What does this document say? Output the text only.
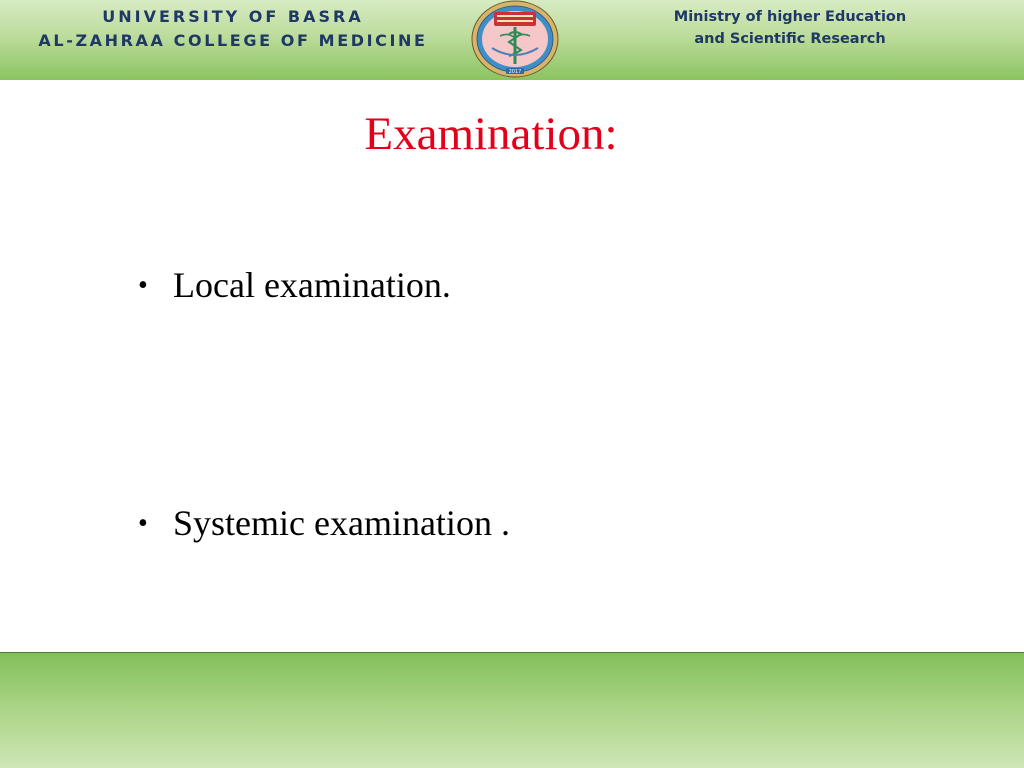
UNIVERSITY OF BASRA
AL-ZAHRAA COLLEGE OF MEDICINE
2017
Ministry of higher Education
and Scientific Research
Examination:
• Local examination.
• Systemic examination .
